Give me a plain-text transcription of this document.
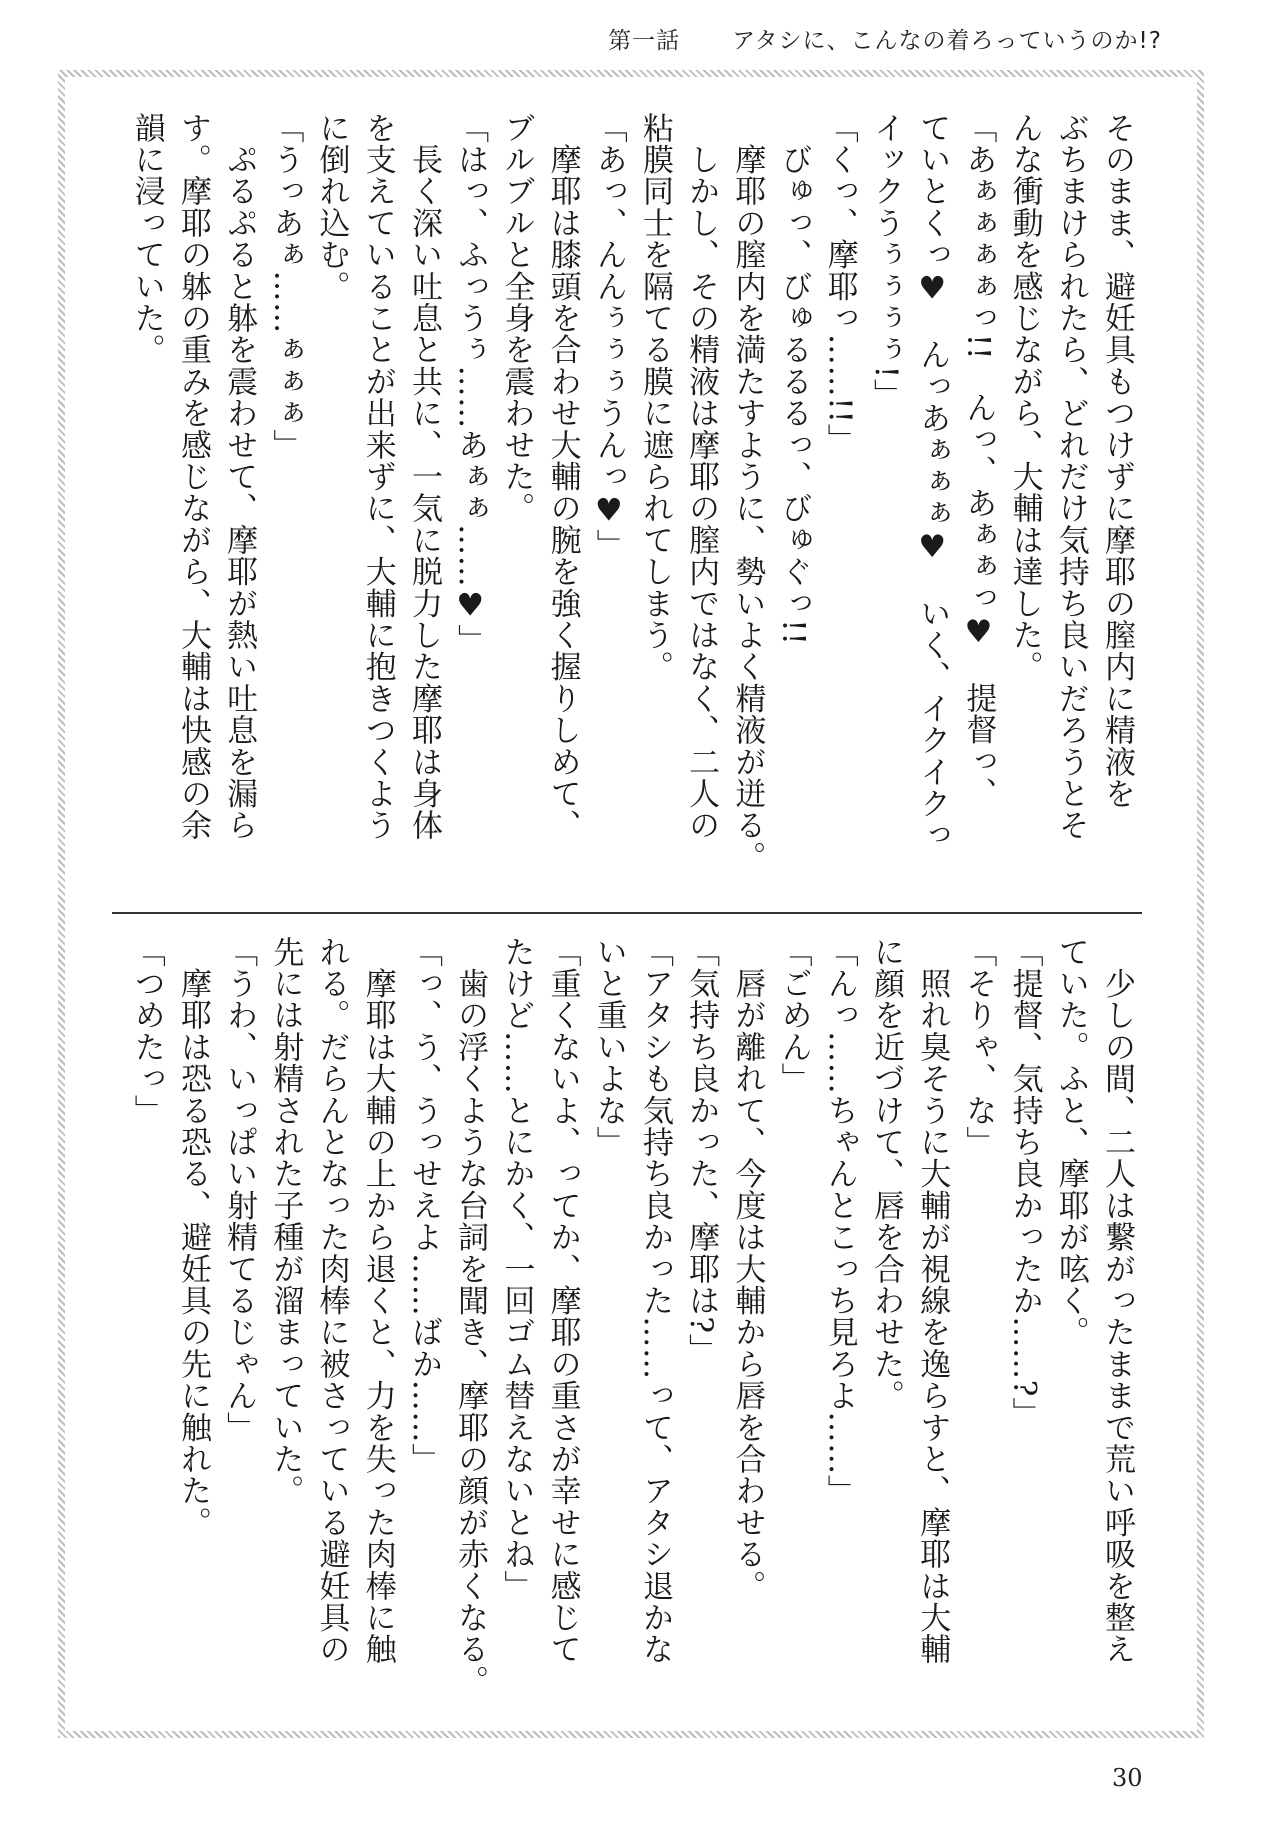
第一話 アタシに、こんなの着ろっていうのか!?
そのまま、避妊具もつけずに摩耶の膣内に精液を
ぶちまけられたら、どれだけ気持ち良いだろうとそ
んな衝動を感じながら、大輔は達した。
「あぁぁぁぁっ!!　んっ、あぁぁっ♥　提督っ、
ていとくっ♥　んっあぁぁぁ♥　いく、イクイクっ
イックうぅぅぅぅ!」
「くっ、摩耶っ……!!」
　びゅっ、びゅるるるっ、びゅぐっ!!
　摩耶の膣内を満たすように、勢いよく精液が迸る。
　しかし、その精液は摩耶の膣内ではなく、二人の
粘膜同士を隔てる膜に遮られてしまう。
「あっ、んんぅぅぅうんっ♥」
　摩耶は膝頭を合わせ大輔の腕を強く握りしめて、
ブルブルと全身を震わせた。
「はっ、ふっうぅ……あぁぁ……♥」
　長く深い吐息と共に、一気に脱力した摩耶は身体
を支えていることが出来ずに、大輔に抱きつくよう
に倒れ込む。
「うっあぁ……ぁぁぁ」
　ぷるぷると躰を震わせて、摩耶が熱い吐息を漏ら
す。摩耶の躰の重みを感じながら、大輔は快感の余
韻に浸っていた。
　少しの間、二人は繋がったままで荒い呼吸を整え
ていた。ふと、摩耶が呟く。
「提督、気持ち良かったか……?」
「そりゃ、な」
　照れ臭そうに大輔が視線を逸らすと、摩耶は大輔
に顔を近づけて、唇を合わせた。
「んっ……ちゃんとこっち見ろよ……」
「ごめん」
　唇が離れて、今度は大輔から唇を合わせる。
「気持ち良かった、摩耶は?」
「アタシも気持ち良かった……って、アタシ退かな
いと重いよな」
「重くないよ、ってか、摩耶の重さが幸せに感じて
たけど……とにかく、一回ゴム替えないとね」
　歯の浮くような台詞を聞き、摩耶の顔が赤くなる。
「っ、う、うっせえよ……ばか……」
　摩耶は大輔の上から退くと、力を失った肉棒に触
れる。だらんとなった肉棒に被さっている避妊具の
先には射精された子種が溜まっていた。
「うわ、いっぱい射精てるじゃん」
　摩耶は恐る恐る、避妊具の先に触れた。
「つめたっ」
30
